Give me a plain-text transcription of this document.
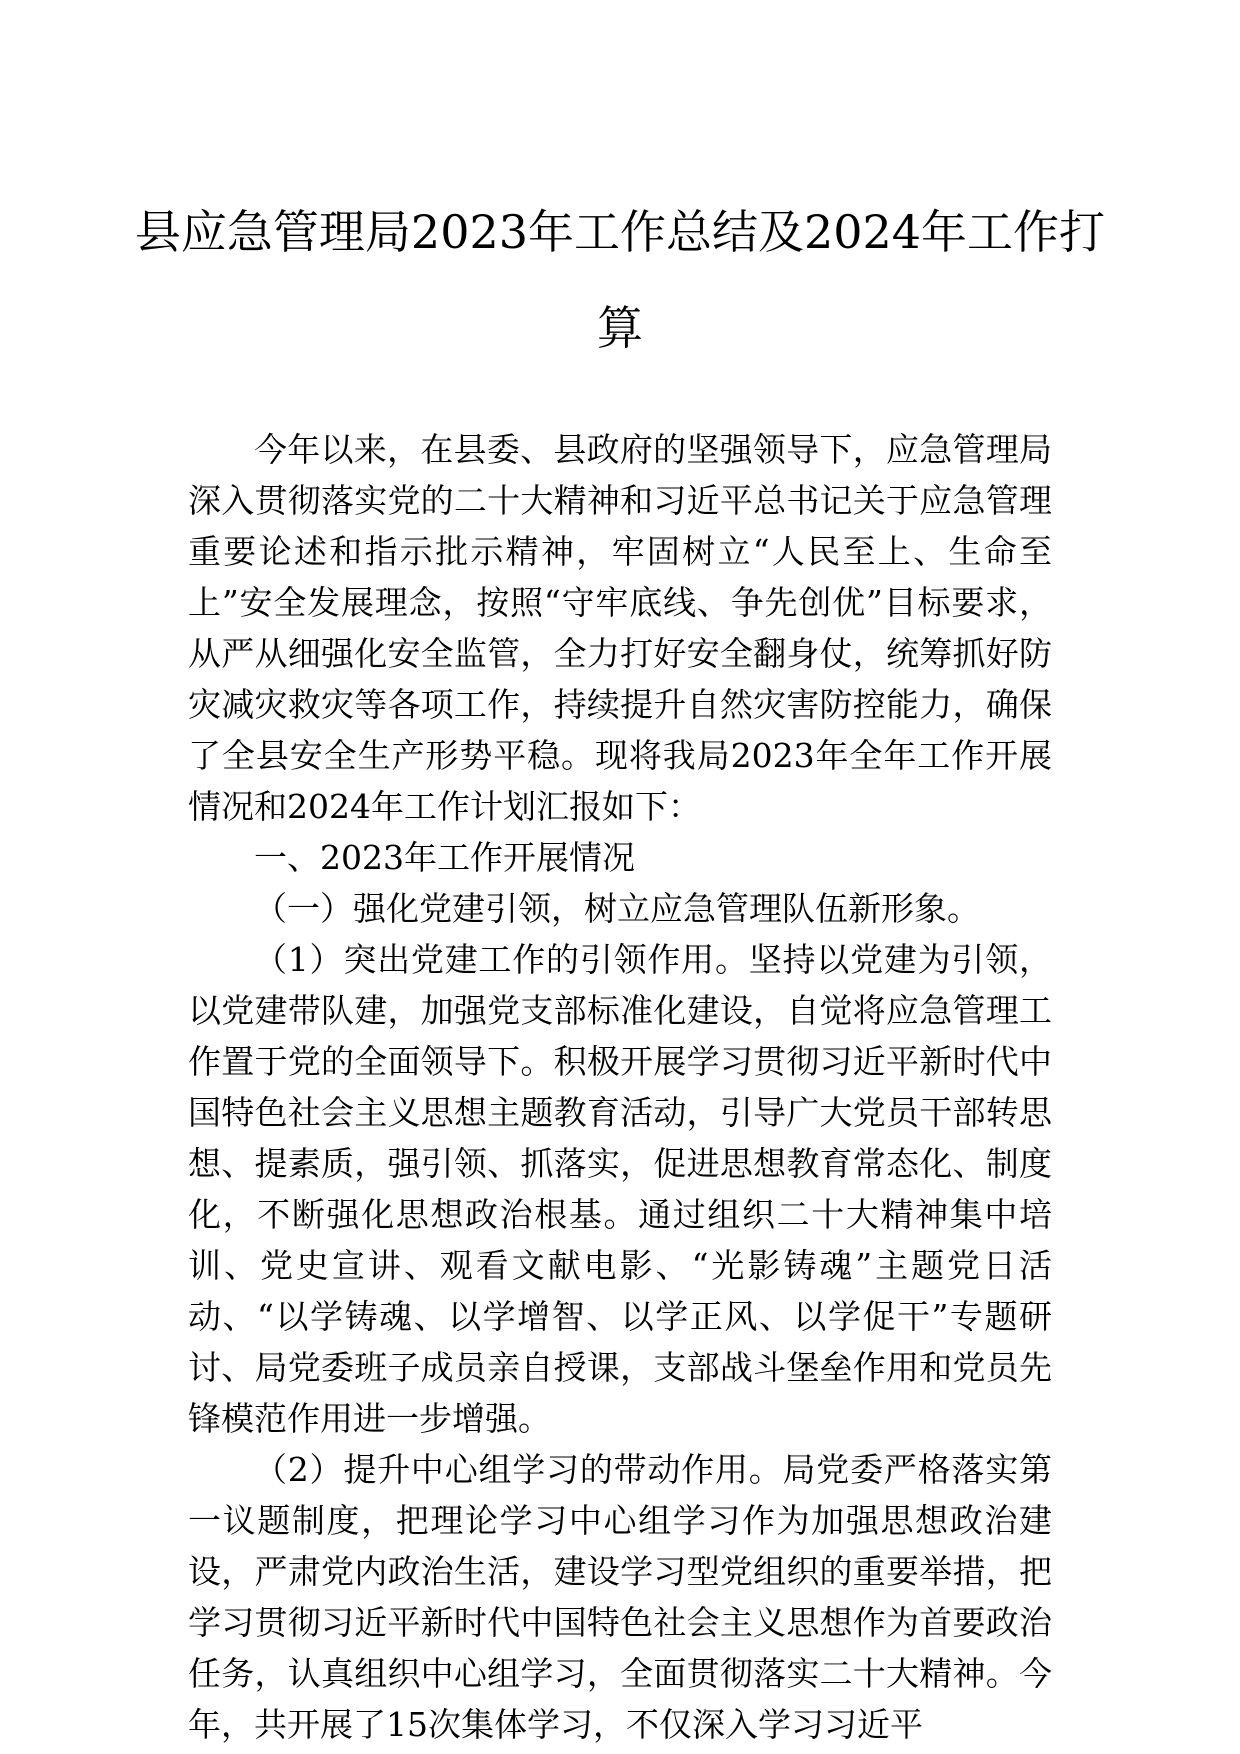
县应急管理局2023年工作总结及2024年工作打算

今年以来，在县委、县政府的坚强领导下，应急管理局深入贯彻落实党的二十大精神和习近平总书记关于应急管理重要论述和指示批示精神，牢固树立“人民至上、生命至上”安全发展理念，按照“守牢底线、争先创优”目标要求，从严从细强化安全监管，全力打好安全翻身仗，统筹抓好防灾减灾救灾等各项工作，持续提升自然灾害防控能力，确保了全县安全生产形势平稳。现将我局2023年全年工作开展情况和2024年工作计划汇报如下：

一、2023年工作开展情况

（一）强化党建引领，树立应急管理队伍新形象。

（1）突出党建工作的引领作用。坚持以党建为引领，以党建带队建，加强党支部标准化建设，自觉将应急管理工作置于党的全面领导下。积极开展学习贯彻习近平新时代中国特色社会主义思想主题教育活动，引导广大党员干部转思想、提素质，强引领、抓落实，促进思想教育常态化、制度化，不断强化思想政治根基。通过组织二十大精神集中培训、党史宣讲、观看文献电影、“光影铸魂”主题党日活动、“以学铸魂、以学增智、以学正风、以学促干”专题研讨、局党委班子成员亲自授课，支部战斗堡垒作用和党员先锋模范作用进一步增强。

（2）提升中心组学习的带动作用。局党委严格落实第一议题制度，把理论学习中心组学习作为加强思想政治建设，严肃党内政治生活，建设学习型党组织的重要举措，把学习贯彻习近平新时代中国特色社会主义思想作为首要政治任务，认真组织中心组学习，全面贯彻落实二十大精神。今年，共开展了15次集体学习，不仅深入学习习近平
